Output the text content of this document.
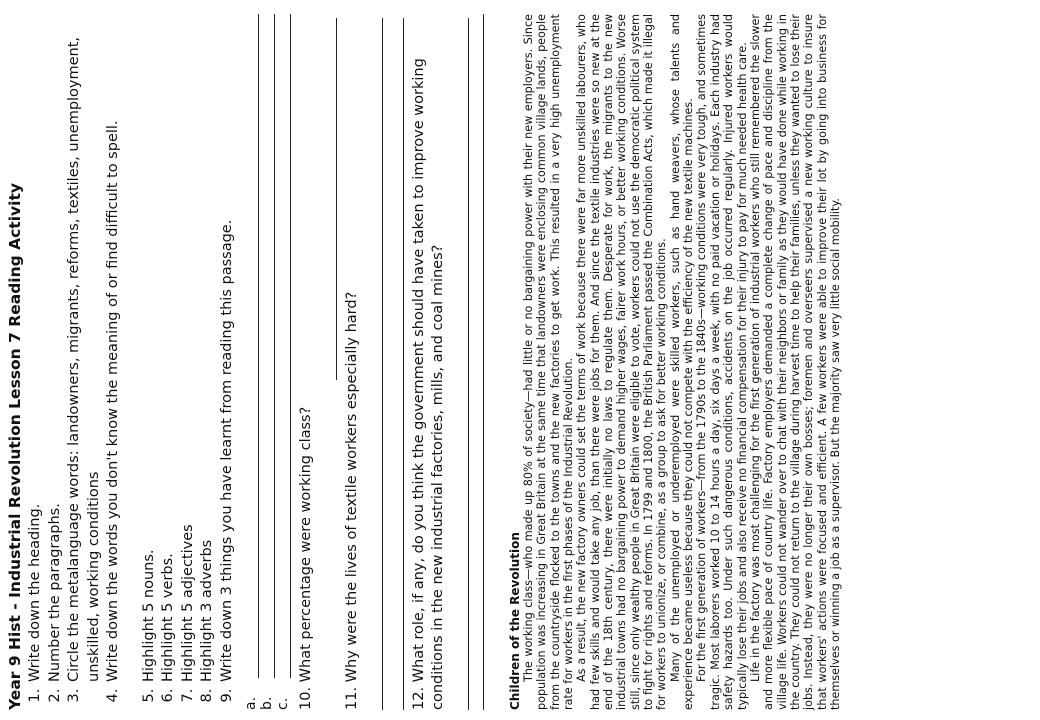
Year 9 Hist - Industrial Revolution Lesson 7 Reading Activity 1. Write down the heading. 2. Number the paragraphs. 3. Circle the metalanguage words: landowners, migrants, reforms, textiles, unemployment, unskilled, working conditions 4. Write down the words you don't know the meaning of or find difficult to spell. 5. Highlight 5 nouns. 6. Highlight 5 verbs. 7. Highlight 5 adjectives 8. Highlight 3 adverbs 9. Write down 3 things you have learnt from reading this passage.
a. b. c. 10. What percentage were working class? 11. Why were the lives of textile workers especially hard?	12. What role, if any, do you think the government should have taken to improve working conditions in the new industrial factories, mills, and coal mines?	Children of the Revolution The working class—who made up 80% of society—had little or no bargaining power with their new employers. Since population was increasing in Great Britain at the same time that landowners were enclosing common village lands, people from the countryside flocked to the towns and the new factories to get work. This resulted in a very high unemployment rate for workers in the first phases of the Industrial Revolution. As a result, the new factory owners could set the terms of work because there were far more unskilled labourers, who had few skills and would take any job, than there were jobs for them. And since the textile industries were so new at the end of the 18th century, there were initially no laws to regulate them. Desperate for work, the migrants to the new industrial towns had no bargaining power to demand higher wages, fairer work hours, or better working conditions. Worse still, since only wealthy people in Great Britain were eligible to vote, workers could not use the democratic political system to fight for rights and reforms. In 1799 and 1800, the British Parliament passed the Combination Acts, which made it illegal for workers to unionize, or combine, as a group to ask for better working conditions. Many of the unemployed or underemployed were skilled workers, such as hand weavers, whose talents and experience became useless because they could not compete with the efficiency of the new textile machines. For the first generation of workers—from the 1790s to the 1840s—working conditions were very tough, and sometimes tragic. Most laborers worked 10 to 14 hours a day, six days a week, with no paid vacation or holidays. Each industry had safety hazards too. Under such dangerous conditions, accidents on the job occurred regularly. Injured workers would typically lose their jobs and also receive no financial compensation for their injury to pay for much needed health care. Life in the factory was most challenging for the first generation of industrial workers who still remembered the slower and more flexible pace of country life. Factory employers demanded a complete change of pace and discipline from the village life. Workers could not wander over to chat with their neighbors or family as they would have done while working in the country. They could not return to the village during harvest time to help their families, unless they wanted to lose their jobs. Instead, they were no longer their own bosses; foremen and overseers supervised a new working culture to insure that workers' actions were focused and efficient. A few workers were able to improve their lot by going into business for themselves or winning a job as a supervisor. But the majority saw very little social mobility.
